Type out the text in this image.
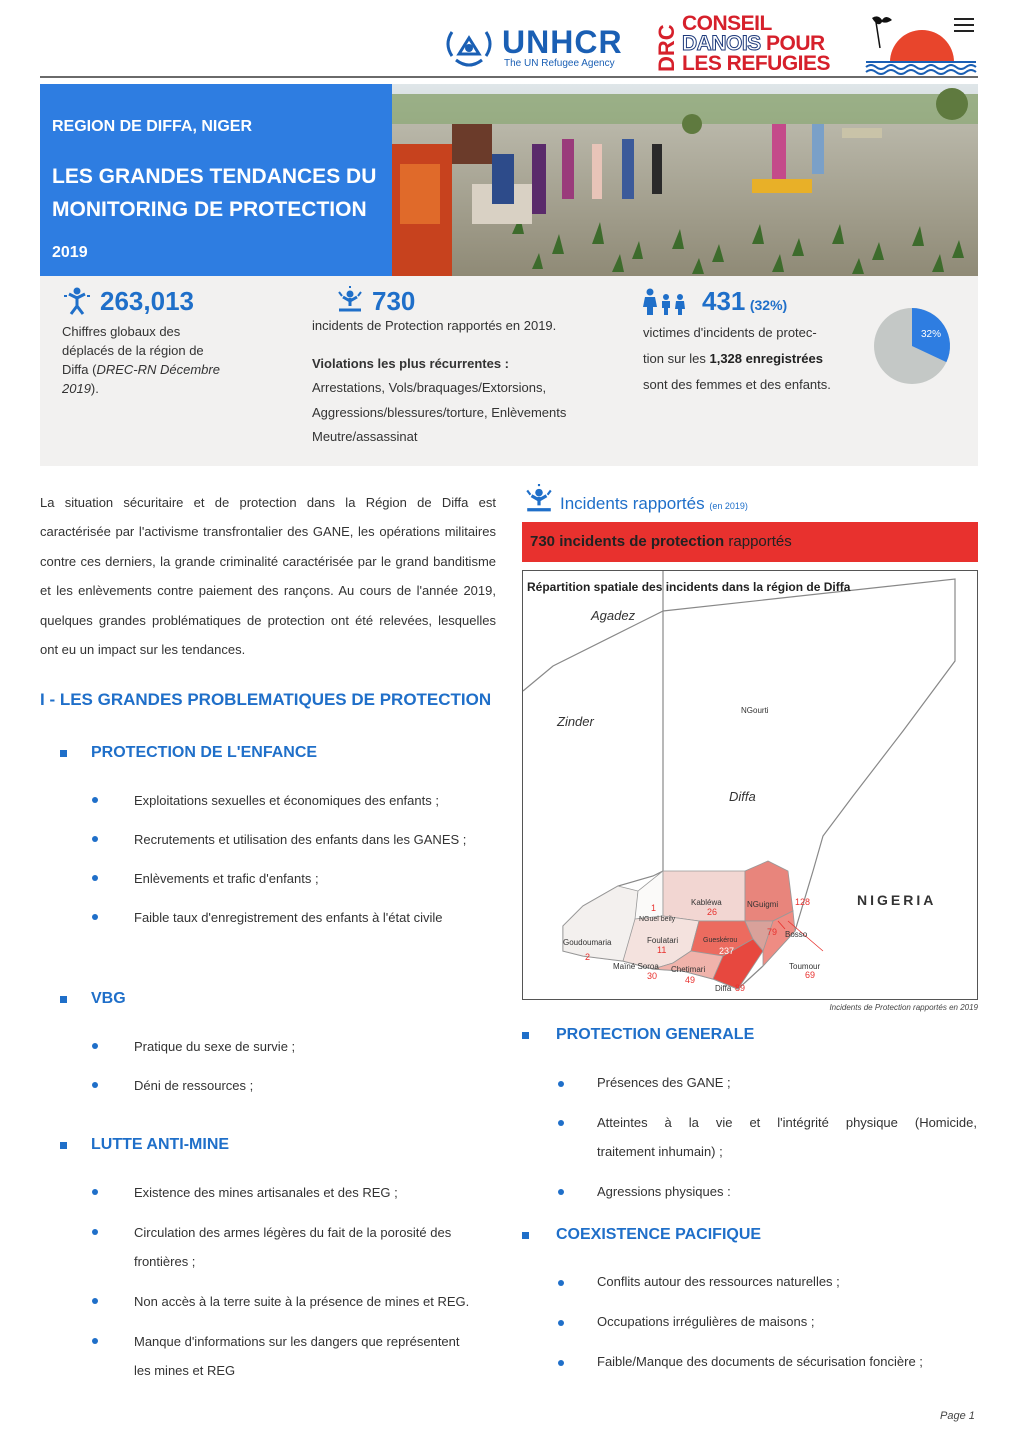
UNHCR
The UN Refugee Agency DRC
CONSEIL
DANOIS POUR
LES REFUGIES
REGION DE DIFFA, NIGER
LES GRANDES TENDANCES DU MONITORING DE PROTECTION
2019
263,013
Chiffres globaux des
déplacés de la région de
Diffa (DREC-RN Décembre
2019).
730
incidents de Protection rapportés en 2019.
Violations les plus récurrentes :
Arrestations, Vols/braquages/Extorsions,
Aggressions/blessures/torture, Enlèvements
Meutre/assassinat
431 (32%)
victimes d'incidents de protec-
tion sur les 1,328 enregistrées
sont des femmes et des enfants.
32%
La situation sécuritaire et de protection dans la Région de Diffa est caractérisée par l'activisme transfrontalier des GANE, les opérations militaires contre ces derniers, la grande criminalité caractérisée par le grand banditisme et les enlèvements contre paiement des rançons. Au cours de l'année 2019, quelques grandes problématiques de protection ont été relevées, lesquelles ont eu un impact sur les tendances.
I - LES GRANDES PROBLEMATIQUES DE PROTECTION
PROTECTION DE L'ENFANCE
Exploitations sexuelles et économiques des enfants ;
Recrutements et utilisation des enfants dans les GANES ;
Enlèvements et trafic d'enfants ;
Faible taux d'enregistrement des enfants à l'état civile
VBG
Pratique du sexe de survie ;
Déni de ressources ;
LUTTE ANTI-MINE
Existence des mines artisanales et des REG ;
Circulation des armes légères du fait de la porosité des
frontières ;
Non accès à la terre suite à la présence de mines et REG.
Manque d'informations sur les dangers que représentent
les mines et REG
Incidents rapportés (en 2019)
730 incidents de protection rapportés
Répartition spatiale des incidents dans la région de Diffa
Agadez
Zinder
Diffa
NGourti
NIGERIA
Kabléwa	NGuigmi
NGuel beily
Goudoumaria	Foulatari
Maïné Soroa Chetimari
Gueskérou
Bosso
Toumour
Diffa
1	26
128
79
2
11
30	49	69
89
237
Incidents de Protection rapportés en 2019
PROTECTION GENERALE
Présences des GANE ;
Atteintes à la vie et l'intégrité physique (Homicide,
traitement inhumain) ;
Agressions physiques :
COEXISTENCE PACIFIQUE
Conflits autour des ressources naturelles ;
Occupations irrégulières de maisons ;
Faible/Manque des documents de sécurisation foncière ;
Page 1
